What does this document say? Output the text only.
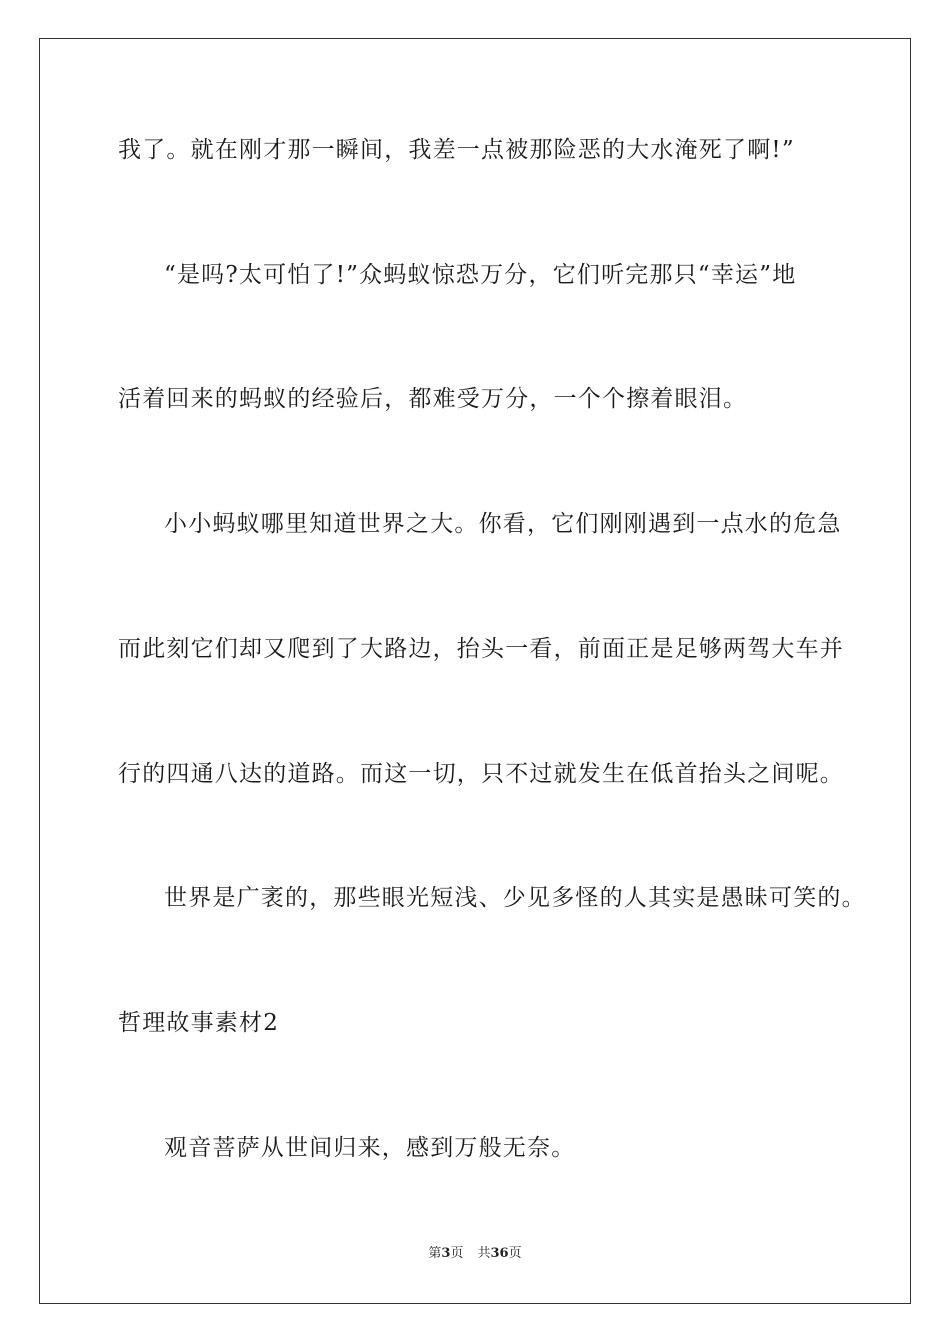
我了。就在刚才那一瞬间，我差一点被那险恶的大水淹死了啊!”
“是吗?太可怕了!”众蚂蚁惊恐万分，它们听完那只“幸运”地
活着回来的蚂蚁的经验后，都难受万分，一个个擦着眼泪。
小小蚂蚁哪里知道世界之大。你看，它们刚刚遇到一点水的危急
而此刻它们却又爬到了大路边，抬头一看，前面正是足够两驾大车并
行的四通八达的道路。而这一切，只不过就发生在低首抬头之间呢。
世界是广袤的，那些眼光短浅、少见多怪的人其实是愚昧可笑的。
哲理故事素材2
观音菩萨从世间归来，感到万般无奈。
第3页 共36页
